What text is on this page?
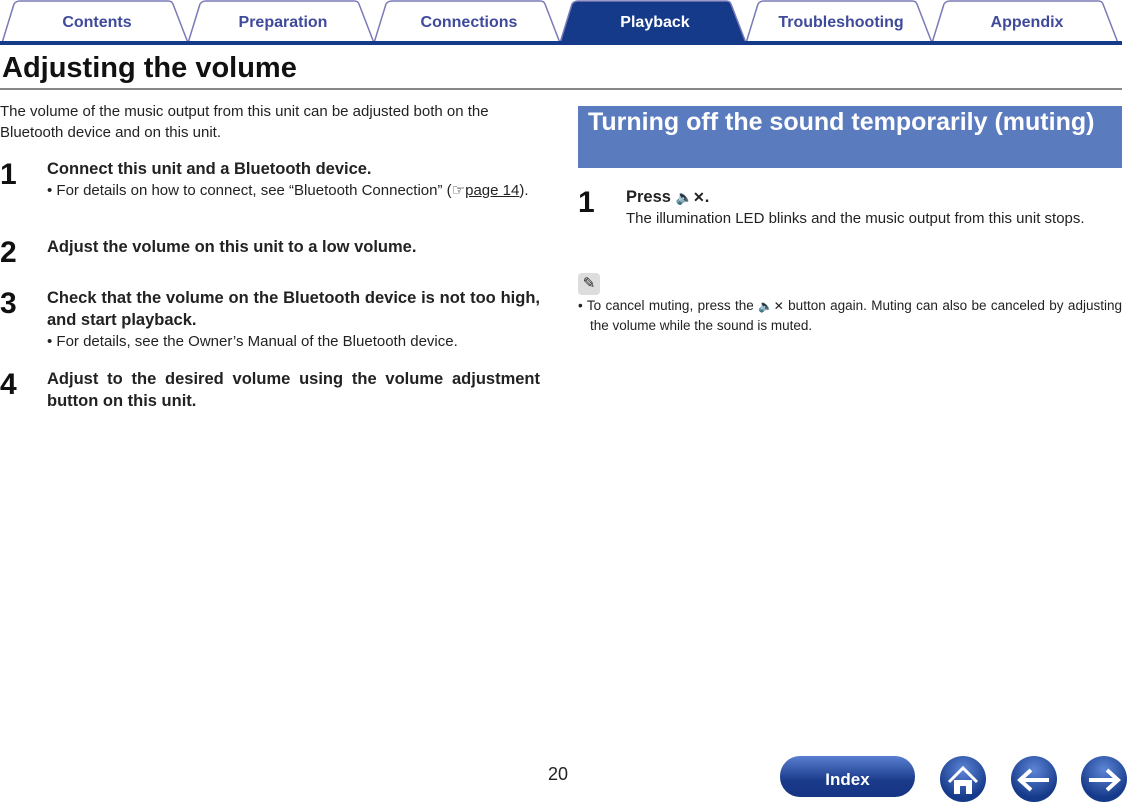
Contents	Preparation	Connections	Playback	Troubleshooting	Appendix
Adjusting the volume

The volume of the music output from this unit can be adjusted both on the Bluetooth device and on this unit.

1 Connect this unit and a Bluetooth device.
• For details on how to connect, see “Bluetooth Connection” (☞page 14).
2 Adjust the volume on this unit to a low volume.
3 Check that the volume on the Bluetooth device is not too high, and start playback.
• For details, see the Owner’s Manual of the Bluetooth device.
4 Adjust to the desired volume using the volume adjustment button on this unit.
Turning off the sound temporarily (muting)
1 Press 🔈✕.
The illumination LED blinks and the music output from this unit stops.
✎
• To cancel muting, press the 🔈✕ button again. Muting can also be canceled by adjusting the volume while the sound is muted.
20	Index
